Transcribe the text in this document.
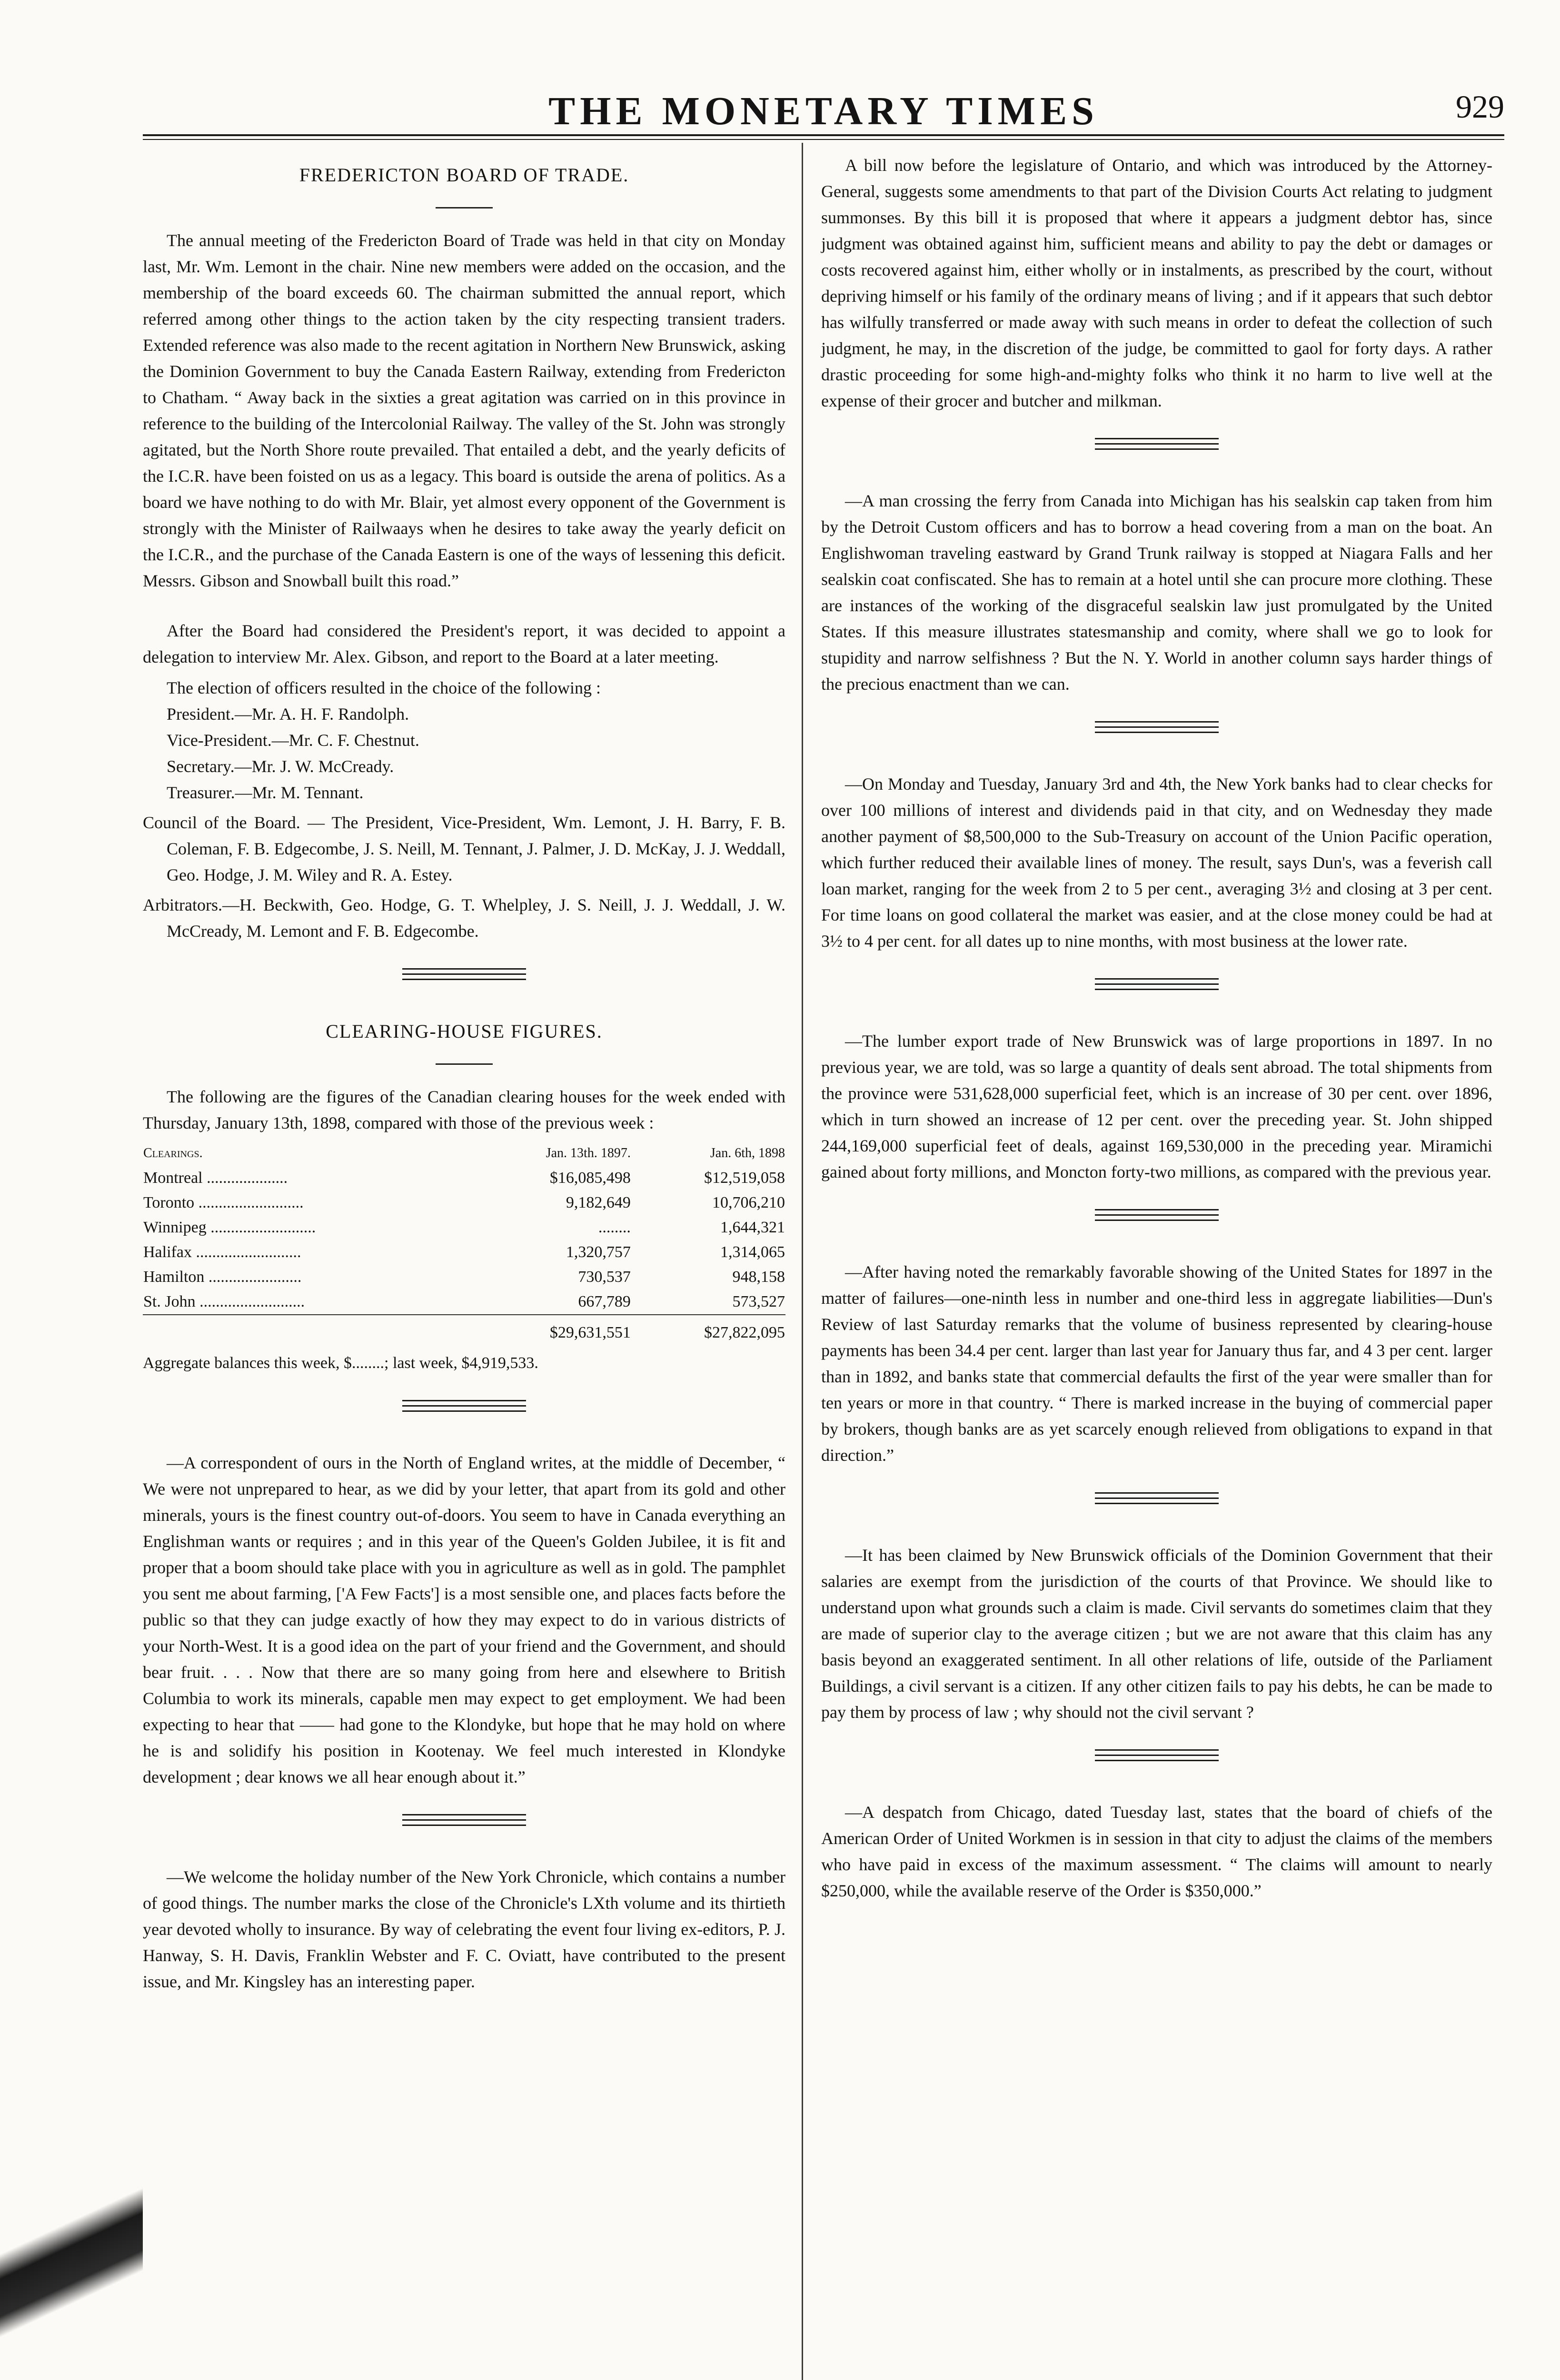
THE MONETARY TIMES	929
FREDERICTON BOARD OF TRADE.

The annual meeting of the Fredericton Board of Trade was held in that city on Monday last, Mr. Wm. Lemont in the chair. Nine new members were added on the occasion, and the membership of the board exceeds 60. The chairman submitted the annual report, which referred among other things to the action taken by the city respecting transient traders. Extended reference was also made to the recent agitation in Northern New Brunswick, asking the Dominion Government to buy the Canada Eastern Railway, extending from Fredericton to Chatham. “ Away back in the sixties a great agitation was carried on in this province in reference to the building of the Intercolonial Railway. The valley of the St. John was strongly agitated, but the North Shore route prevailed. That entailed a debt, and the yearly deficits of the I.C.R. have been foisted on us as a legacy. This board is outside the arena of politics. As a board we have nothing to do with Mr. Blair, yet almost every opponent of the Government is strongly with the Minister of Railwaays when he desires to take away the yearly deficit on the I.C.R., and the purchase of the Canada Eastern is one of the ways of lessening this deficit. Messrs. Gibson and Snowball built this road.”

After the Board had considered the President's report, it was decided to appoint a delegation to interview Mr. Alex. Gibson, and report to the Board at a later meeting.

The election of officers resulted in the choice of the following :

President.—Mr. A. H. F. Randolph.

Vice-President.—Mr. C. F. Chestnut.

Secretary.—Mr. J. W. McCready.

Treasurer.—Mr. M. Tennant.

Council of the Board. — The President, Vice-President, Wm. Lemont, J. H. Barry, F. B. Coleman, F. B. Edgecombe, J. S. Neill, M. Tennant, J. Palmer, J. D. McKay, J. J. Weddall, Geo. Hodge, J. M. Wiley and R. A. Estey.

Arbitrators.—H. Beckwith, Geo. Hodge, G. T. Whelpley, J. S. Neill, J. J. Weddall, J. W. McCready, M. Lemont and F. B. Edgecombe.

CLEARING-HOUSE FIGURES.

The following are the figures of the Canadian clearing houses for the week ended with Thursday, January 13th, 1898, compared with those of the previous week :

Clearings.	Jan. 13th. 1897.	Jan. 6th, 1898
Montreal ....................	$16,085,498	$12,519,058
Toronto ..........................	9,182,649	10,706,210
Winnipeg ..........................	........	1,644,321
Halifax ..........................	1,320,757	1,314,065
Hamilton .......................	730,537	948,158
St. John ..........................	667,789	573,527
	$29,631,551	$27,822,095
Aggregate balances this week, $........; last week, $4,919,533.

—A correspondent of ours in the North of England writes, at the middle of December, “ We were not unprepared to hear, as we did by your letter, that apart from its gold and other minerals, yours is the finest country out-of-doors. You seem to have in Canada everything an Englishman wants or requires ; and in this year of the Queen's Golden Jubilee, it is fit and proper that a boom should take place with you in agriculture as well as in gold. The pamphlet you sent me about farming, ['A Few Facts'] is a most sensible one, and places facts before the public so that they can judge exactly of how they may expect to do in various districts of your North-West. It is a good idea on the part of your friend and the Government, and should bear fruit. . . . Now that there are so many going from here and elsewhere to British Columbia to work its minerals, capable men may expect to get employment. We had been expecting to hear that —— had gone to the Klondyke, but hope that he may hold on where he is and solidify his position in Kootenay. We feel much interested in Klondyke development ; dear knows we all hear enough about it.”

—We welcome the holiday number of the New York Chronicle, which contains a number of good things. The number marks the close of the Chronicle's LXth volume and its thirtieth year devoted wholly to insurance. By way of celebrating the event four living ex-editors, P. J. Hanway, S. H. Davis, Franklin Webster and F. C. Oviatt, have contributed to the present issue, and Mr. Kingsley has an interesting paper.

A bill now before the legislature of Ontario, and which was introduced by the Attorney-General, suggests some amendments to that part of the Division Courts Act relating to judgment summonses. By this bill it is proposed that where it appears a judgment debtor has, since judgment was obtained against him, sufficient means and ability to pay the debt or damages or costs recovered against him, either wholly or in instalments, as prescribed by the court, without depriving himself or his family of the ordinary means of living ; and if it appears that such debtor has wilfully transferred or made away with such means in order to defeat the collection of such judgment, he may, in the discretion of the judge, be committed to gaol for forty days. A rather drastic proceeding for some high-and-mighty folks who think it no harm to live well at the expense of their grocer and butcher and milkman.

—A man crossing the ferry from Canada into Michigan has his sealskin cap taken from him by the Detroit Custom officers and has to borrow a head covering from a man on the boat. An Englishwoman traveling eastward by Grand Trunk railway is stopped at Niagara Falls and her sealskin coat confiscated. She has to remain at a hotel until she can procure more clothing. These are instances of the working of the disgraceful sealskin law just promulgated by the United States. If this measure illustrates statesmanship and comity, where shall we go to look for stupidity and narrow selfishness ? But the N. Y. World in another column says harder things of the precious enactment than we can.

—On Monday and Tuesday, January 3rd and 4th, the New York banks had to clear checks for over 100 millions of interest and dividends paid in that city, and on Wednesday they made another payment of $8,500,000 to the Sub-Treasury on account of the Union Pacific operation, which further reduced their available lines of money. The result, says Dun's, was a feverish call loan market, ranging for the week from 2 to 5 per cent., averaging 3½ and closing at 3 per cent. For time loans on good collateral the market was easier, and at the close money could be had at 3½ to 4 per cent. for all dates up to nine months, with most business at the lower rate.

—The lumber export trade of New Brunswick was of large proportions in 1897. In no previous year, we are told, was so large a quantity of deals sent abroad. The total shipments from the province were 531,628,000 superficial feet, which is an increase of 30 per cent. over 1896, which in turn showed an increase of 12 per cent. over the preceding year. St. John shipped 244,169,000 superficial feet of deals, against 169,530,000 in the preceding year. Miramichi gained about forty millions, and Moncton forty-two millions, as compared with the previous year.

—After having noted the remarkably favorable showing of the United States for 1897 in the matter of failures—one-ninth less in number and one-third less in aggregate liabilities—Dun's Review of last Saturday remarks that the volume of business represented by clearing-house payments has been 34.4 per cent. larger than last year for January thus far, and 4 3 per cent. larger than in 1892, and banks state that commercial defaults the first of the year were smaller than for ten years or more in that country. “ There is marked increase in the buying of commercial paper by brokers, though banks are as yet scarcely enough relieved from obligations to expand in that direction.”

—It has been claimed by New Brunswick officials of the Dominion Government that their salaries are exempt from the jurisdiction of the courts of that Province. We should like to understand upon what grounds such a claim is made. Civil servants do sometimes claim that they are made of superior clay to the average citizen ; but we are not aware that this claim has any basis beyond an exaggerated sentiment. In all other relations of life, outside of the Parliament Buildings, a civil servant is a citizen. If any other citizen fails to pay his debts, he can be made to pay them by process of law ; why should not the civil servant ?

—A despatch from Chicago, dated Tuesday last, states that the board of chiefs of the American Order of United Workmen is in session in that city to adjust the claims of the members who have paid in excess of the maximum assessment. “ The claims will amount to nearly $250,000, while the available reserve of the Order is $350,000.”
